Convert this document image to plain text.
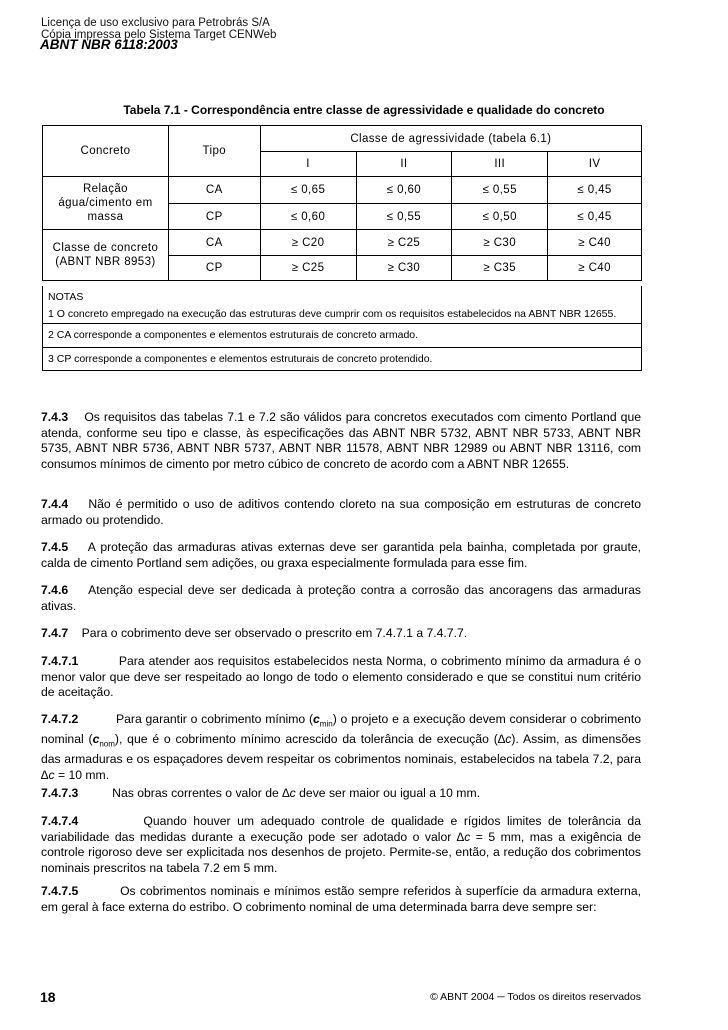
Licença de uso exclusivo para Petrobrás S/A
Cópia impressa pelo Sistema Target CENWeb
ABNT NBR 6118:2003
Tabela 7.1 - Correspondência entre classe de agressividade e qualidade do concreto
Concreto	Tipo	Classe de agressividade (tabela 6.1)			
		I	II	III	IV
Relação água/cimento em massa	CA	≤ 0,65	≤ 0,60	≤ 0,55	≤ 0,45
	CP	≤ 0,60	≤ 0,55	≤ 0,50	≤ 0,45
Classe de concreto (ABNT NBR 8953)	CA	≥ C20	≥ C25	≥ C30	≥ C40
	CP	≥ C25	≥ C30	≥ C35	≥ C40
NOTAS
1 O concreto empregado na execução das estruturas deve cumprir com os requisitos estabelecidos na ABNT NBR 12655.
2 CA corresponde a componentes e elementos estruturais de concreto armado.
3 CP corresponde a componentes e elementos estruturais de concreto protendido.

7.4.3 Os requisitos das tabelas 7.1 e 7.2 são válidos para concretos executados com cimento Portland que atenda, conforme seu tipo e classe, às especificações das ABNT NBR 5732, ABNT NBR 5733, ABNT NBR 5735, ABNT NBR 5736, ABNT NBR 5737, ABNT NBR 11578, ABNT NBR 12989 ou ABNT NBR 13116, com consumos mínimos de cimento por metro cúbico de concreto de acordo com a ABNT NBR 12655.

7.4.4 Não é permitido o uso de aditivos contendo cloreto na sua composição em estruturas de concreto armado ou protendido.

7.4.5 A proteção das armaduras ativas externas deve ser garantida pela bainha, completada por graute, calda de cimento Portland sem adições, ou graxa especialmente formulada para esse fim.

7.4.6 Atenção especial deve ser dedicada à proteção contra a corrosão das ancoragens das armaduras ativas.

7.4.7 Para o cobrimento deve ser observado o prescrito em 7.4.7.1 a 7.4.7.7.

7.4.7.1	Para atender aos requisitos estabelecidos nesta Norma, o cobrimento mínimo da armadura é o menor valor que deve ser respeitado ao longo de todo o elemento considerado e que se constitui num critério de aceitação.

7.4.7.2	Para garantir o cobrimento mínimo $(c_{min})$ o projeto e a execução devem considerar o cobrimento nominal $(c_{nom})$, que é o cobrimento mínimo acrescido da tolerância de execução (∆c). Assim, as dimensões das armaduras e os espaçadores devem respeitar os cobrimentos nominais, estabelecidos na tabela 7.2, para ∆c = 10 mm.

7.4.7.3	Nas obras correntes o valor de ∆c deve ser maior ou igual a 10 mm.

7.4.7.4	Quando houver um adequado controle de qualidade e rígidos limites de tolerância da variabilidade das medidas durante a execução pode ser adotado o valor ∆c = 5 mm, mas a exigência de controle rigoroso deve ser explicitada nos desenhos de projeto. Permite-se, então, a redução dos cobrimentos nominais prescritos na tabela 7.2 em 5 mm.

7.4.7.5	Os cobrimentos nominais e mínimos estão sempre referidos à superfície da armadura externa, em geral à face externa do estribo. O cobrimento nominal de uma determinada barra deve sempre ser:

18	© ABNT 2004 ─ Todos os direitos reservados
